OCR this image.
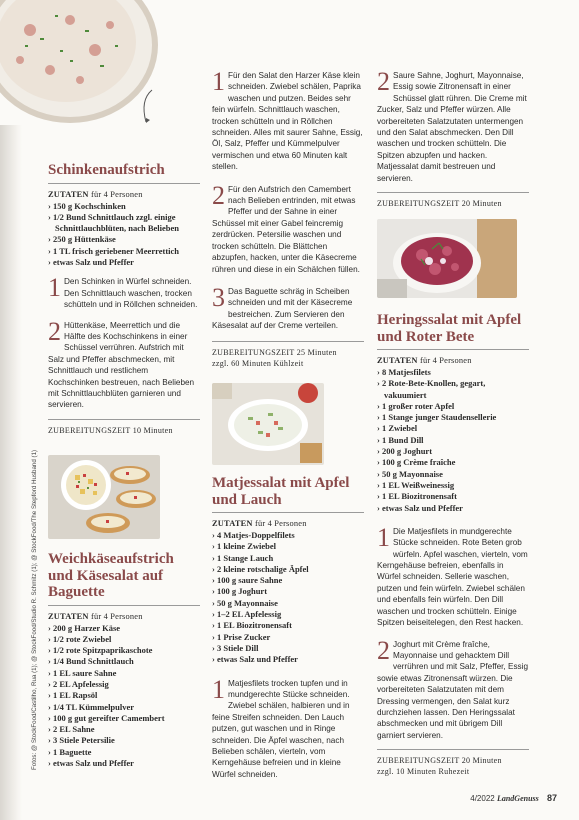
Fotos: @ StockFood/Castilho, Rua (1); @ StockFood/Studio R. Schmitz (1); @ StockFood/The Stepford Husband (1)
Schinkenaufstrich
ZUTATEN für 4 Personen
› 150 g Kochschinken
› 1/2 Bund Schnittlauch zzgl. einige Schnittlauchblüten, nach Belieben
› 250 g Hüttenkäse
› 1 TL frisch geriebener Meerrettich
› etwas Salz und Pfeffer
1 Den Schinken in Würfel schneiden. Den Schnittlauch waschen, trocken schütteln und in Röllchen schneiden.
2 Hüttenkäse, Meerrettich und die Hälfte des Kochschinkens in einer Schüssel verrühren. Aufstrich mit Salz und Pfeffer abschmecken, mit Schnittlauch und restlichem Kochschinken bestreuen, nach Belieben mit Schnittlauchblüten garnieren und servieren.
ZUBEREITUNGSZEIT 10 Minuten
Weichkäseaufstrich und Käsesalat auf Baguette
ZUTATEN für 4 Personen
› 200 g Harzer Käse
› 1/2 rote Zwiebel
› 1/2 rote Spitzpaprikaschote
› 1/4 Bund Schnittlauch
› 1 EL saure Sahne
› 2 EL Apfelessig
› 1 EL Rapsöl
› 1/4 TL Kümmelpulver
› 100 g gut gereifter Camembert
› 2 EL Sahne
› 3 Stiele Petersilie
› 1 Baguette
› etwas Salz und Pfeffer
1 Für den Salat den Harzer Käse klein schneiden. Zwiebel schälen, Paprika waschen und putzen. Beides sehr fein würfeln. Schnittlauch waschen, trocken schütteln und in Röllchen schneiden. Alles mit saurer Sahne, Essig, Öl, Salz, Pfeffer und Kümmelpulver vermischen und etwa 60 Minuten kalt stellen.
2 Für den Aufstrich den Camembert nach Belieben entrinden, mit etwas Pfeffer und der Sahne in einer Schüssel mit einer Gabel feincremig zerdrücken. Petersilie waschen und trocken schütteln. Die Blättchen abzupfen, hacken, unter die Käsecreme rühren und diese in ein Schälchen füllen.
3 Das Baguette schräg in Scheiben schneiden und mit der Käsecreme bestreichen. Zum Servieren den Käsesalat auf der Creme verteilen.
ZUBEREITUNGSZEIT 25 Minuten
zzgl. 60 Minuten Kühlzeit
Matjessalat mit Apfel und Lauch
ZUTATEN für 4 Personen
› 4 Matjes-Doppelfilets
› 1 kleine Zwiebel
› 1 Stange Lauch
› 2 kleine rotschalige Äpfel
› 100 g saure Sahne
› 100 g Joghurt
› 50 g Mayonnaise
› 1–2 EL Apfelessig
› 1 EL Biozitronensaft
› 1 Prise Zucker
› 3 Stiele Dill
› etwas Salz und Pfeffer
1 Matjesfilets trocken tupfen und in mundgerechte Stücke schneiden. Zwiebel schälen, halbieren und in feine Streifen schneiden. Den Lauch putzen, gut waschen und in Ringe schneiden. Die Äpfel waschen, nach Belieben schälen, vierteln, vom Kerngehäuse befreien und in kleine Würfel schneiden.
2 Saure Sahne, Joghurt, Mayonnaise, Essig sowie Zitronensaft in einer Schüssel glatt rühren. Die Creme mit Zucker, Salz und Pfeffer würzen. Alle vorbereiteten Salatzutaten untermengen und den Salat abschmecken. Den Dill waschen und trocken schütteln. Die Spitzen abzupfen und hacken. Matjessalat damit bestreuen und servieren.
ZUBEREITUNGSZEIT 20 Minuten
Heringssalat mit Apfel und Roter Bete
ZUTATEN für 4 Personen
› 8 Matjesfilets
› 2 Rote-Bete-Knollen, gegart, vakuumiert
› 1 großer roter Apfel
› 1 Stange junger Staudensellerie
› 1 Zwiebel
› 1 Bund Dill
› 200 g Joghurt
› 100 g Crème fraîche
› 50 g Mayonnaise
› 1 EL Weißweinessig
› 1 EL Biozitronensaft
› etwas Salz und Pfeffer
1 Die Matjesfilets in mundgerechte Stücke schneiden. Rote Beten grob würfeln. Apfel waschen, vierteln, vom Kerngehäuse befreien, ebenfalls in Würfel schneiden. Sellerie waschen, putzen und fein würfeln. Zwiebel schälen und ebenfalls fein würfeln. Den Dill waschen und trocken schütteln. Einige Spitzen beiseitelegen, den Rest hacken.
2 Joghurt mit Crème fraîche, Mayonnaise und gehacktem Dill verrühren und mit Salz, Pfeffer, Essig sowie etwas Zitronensaft würzen. Die vorbereiteten Salatzutaten mit dem Dressing vermengen, den Salat kurz durchziehen lassen. Den Heringssalat abschmecken und mit übrigem Dill garniert servieren.
ZUBEREITUNGSZEIT 20 Minuten
zzgl. 10 Minuten Ruhezeit
4/2022 LandGenuss 87
